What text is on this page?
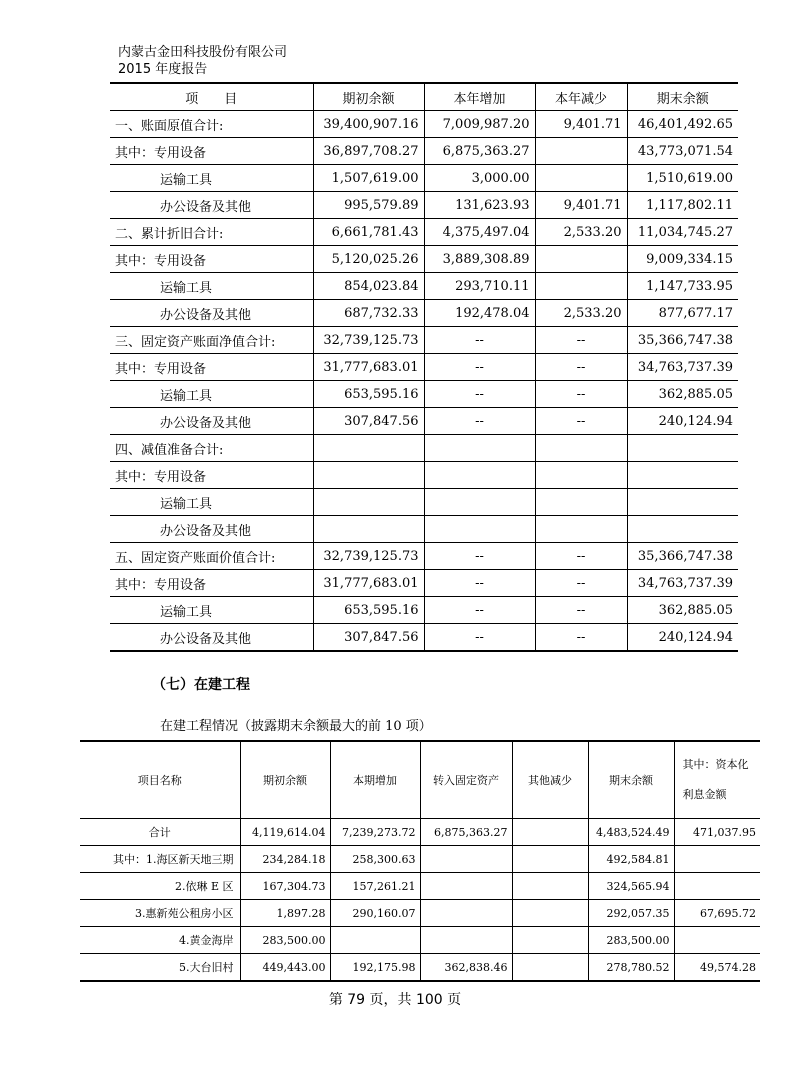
内蒙古金田科技股份有限公司
2015 年度报告
项　　目	期初余额	本年增加	本年减少	期末余额
一、账面原值合计:	39,400,907.16	7,009,987.20	9,401.71	46,401,492.65
其中：专用设备	36,897,708.27	6,875,363.27		43,773,071.54
运输工具	1,507,619.00	3,000.00		1,510,619.00
办公设备及其他	995,579.89	131,623.93	9,401.71	1,117,802.11
二、累计折旧合计:	6,661,781.43	4,375,497.04	2,533.20	11,034,745.27
其中：专用设备	5,120,025.26	3,889,308.89		9,009,334.15
运输工具	854,023.84	293,710.11		1,147,733.95
办公设备及其他	687,732.33	192,478.04	2,533.20	877,677.17
三、固定资产账面净值合计:	32,739,125.73	--	--	35,366,747.38
其中：专用设备	31,777,683.01	--	--	34,763,737.39
运输工具	653,595.16	--	--	362,885.05
办公设备及其他	307,847.56	--	--	240,124.94
四、减值准备合计:				
其中：专用设备				
运输工具				
办公设备及其他				
五、固定资产账面价值合计:	32,739,125.73	--	--	35,366,747.38
其中：专用设备	31,777,683.01	--	--	34,763,737.39
运输工具	653,595.16	--	--	362,885.05
办公设备及其他	307,847.56	--	--	240,124.94
（七）在建工程
在建工程情况（披露期末余额最大的前 10 项）
项目名称	期初余额	本期增加	转入固定资产	其他减少	期末余额	其中：资本化利息金额
合计	4,119,614.04	7,239,273.72	6,875,363.27		4,483,524.49	471,037.95
其中：1.海区新天地三期	234,284.18	258,300.63			492,584.81	
2.依琳 E 区	167,304.73	157,261.21			324,565.94	
3.惠新苑公租房小区	1,897.28	290,160.07			292,057.35	67,695.72
4.黄金海岸	283,500.00				283,500.00	
5.大台旧村	449,443.00	192,175.98	362,838.46		278,780.52	49,574.28
第 79 页，共 100 页
